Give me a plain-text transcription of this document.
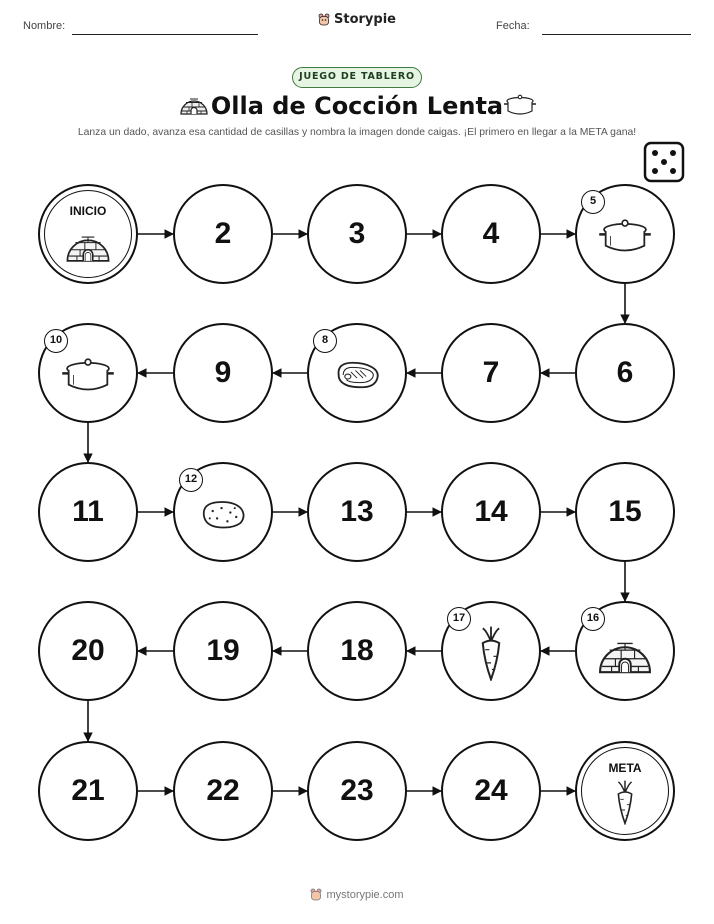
Nombre:	Storypie	Fecha:
JUEGO DE TABLERO
Olla de Cocción Lenta
Lanza un dado, avanza esa cantidad de casillas y nombra la imagen donde caigas. ¡El primero en llegar a la META gana!
INICIO
2	3	4
5
6
7
8
9
10
11
12
13	14	15
16
17
18
19
20
21	22	23	24
META
mystorypie.com
